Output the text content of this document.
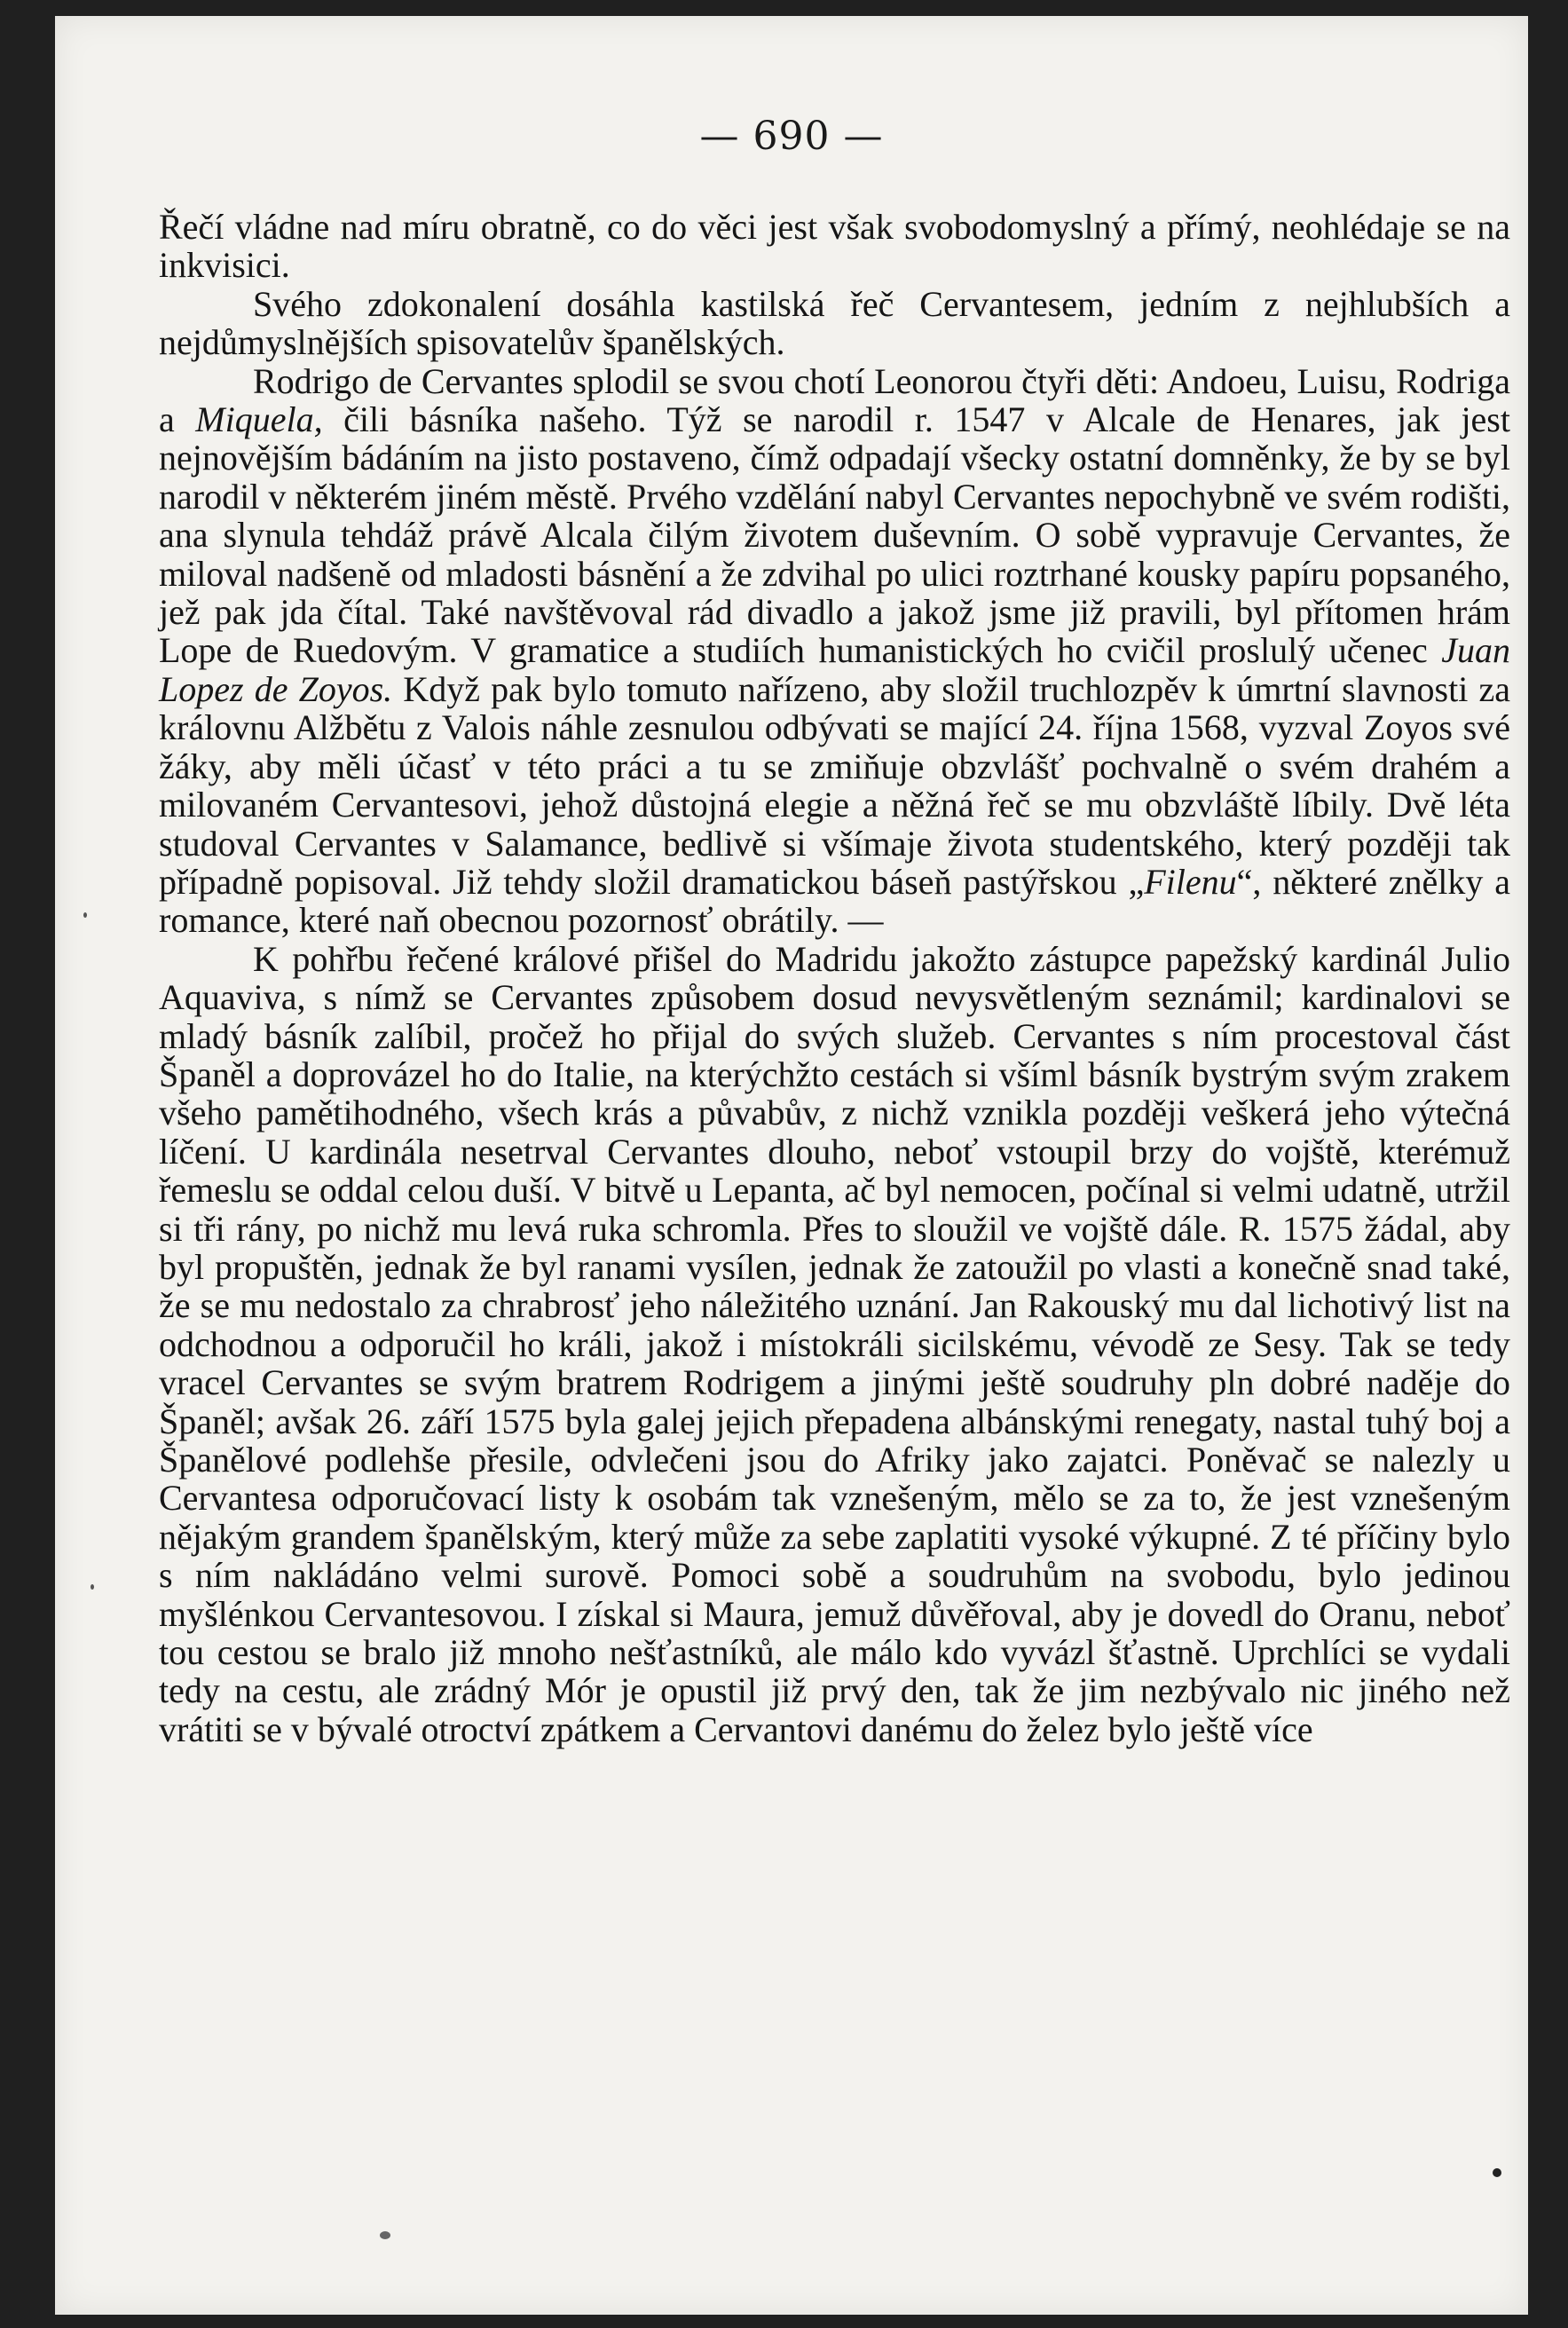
— 690 —

Řečí vládne nad míru obratně, co do věci jest však svobodomyslný a přímý, neohlédaje se na inkvisici.

Svého zdokonalení dosáhla kastilská řeč Cervantesem, jedním z nejhlubších a nejdůmyslnějších spisovatelův španělských.

Rodrigo de Cervantes splodil se svou chotí Leonorou čtyři děti: Andoeu, Luisu, Rodriga a Miquela, čili básníka našeho. Týž se narodil r. 1547 v Alcale de Henares, jak jest nejnovějším bádáním na jisto postaveno, čímž odpadají všecky ostatní domněnky, že by se byl narodil v některém jiném městě. Prvého vzdělání nabyl Cervantes nepochybně ve svém rodišti, ana slynula tehdáž právě Alcala čilým životem duševním. O sobě vypravuje Cervantes, že miloval nadšeně od mladosti básnění a že zdvihal po ulici roztrhané kousky papíru popsaného, jež pak jda čítal. Také navštěvoval rád divadlo a jakož jsme již pravili, byl přítomen hrám Lope de Ruedovým. V gramatice a studiích humanistických ho cvičil proslulý učenec Juan Lopez de Zoyos. Když pak bylo tomuto nařízeno, aby složil truchlozpěv k úmrtní slavnosti za královnu Alžbětu z Valois náhle zesnulou odbývati se mající 24. října 1568, vyzval Zoyos své žáky, aby měli účasť v této práci a tu se zmiňuje obzvlášť pochvalně o svém drahém a milovaném Cervantesovi, jehož důstojná elegie a něžná řeč se mu obzvláště líbily. Dvě léta studoval Cervantes v Salamance, bedlivě si všímaje života studentského, který později tak případně popisoval. Již tehdy složil dramatickou báseň pastýřskou „Filenu“, některé znělky a romance, které naň obecnou pozornosť obrátily. —

K pohřbu řečené králové přišel do Madridu jakožto zástupce papežský kardinál Julio Aquaviva, s nímž se Cervantes způsobem dosud nevysvětleným seznámil; kardinalovi se mladý básník zalíbil, pročež ho přijal do svých služeb. Cervantes s ním procestoval část Španěl a doprovázel ho do Italie, na kterýchžto cestách si všíml básník bystrým svým zrakem všeho pamětihodného, všech krás a půvabův, z nichž vznikla později veškerá jeho výtečná líčení. U kardinála nesetrval Cervantes dlouho, neboť vstoupil brzy do vojště, kterémuž řemeslu se oddal celou duší. V bitvě u Lepanta, ač byl nemocen, počínal si velmi udatně, utržil si tři rány, po nichž mu levá ruka schromla. Přes to sloužil ve vojště dále. R. 1575 žádal, aby byl propuštěn, jednak že byl ranami vysílen, jednak že zatoužil po vlasti a konečně snad také, že se mu nedostalo za chrabrosť jeho náležitého uznání. Jan Rakouský mu dal lichotivý list na odchodnou a odporučil ho králi, jakož i místokráli sicilskému, vévodě ze Sesy. Tak se tedy vracel Cervantes se svým bratrem Rodrigem a jinými ještě soudruhy pln dobré naděje do Španěl; avšak 26. září 1575 byla galej jejich přepadena albánskými renegaty, nastal tuhý boj a Španělové podlehše přesile, odvlečeni jsou do Afriky jako zajatci. Poněvač se nalezly u Cervantesa odporučovací listy k osobám tak vznešeným, mělo se za to, že jest vznešeným nějakým grandem španělským, který může za sebe zaplatiti vysoké výkupné. Z té příčiny bylo s ním nakládáno velmi surově. Pomoci sobě a soudruhům na svobodu, bylo jedinou myšlénkou Cervantesovou. I získal si Maura, jemuž důvěřoval, aby je dovedl do Oranu, neboť tou cestou se bralo již mnoho nešťastníků, ale málo kdo vyvázl šťastně. Uprchlíci se vydali tedy na cestu, ale zrádný Mór je opustil již prvý den, tak že jim nezbývalo nic jiného než vrátiti se v bývalé otroctví zpátkem a Cervantovi danému do želez‌ bylo ještě více
